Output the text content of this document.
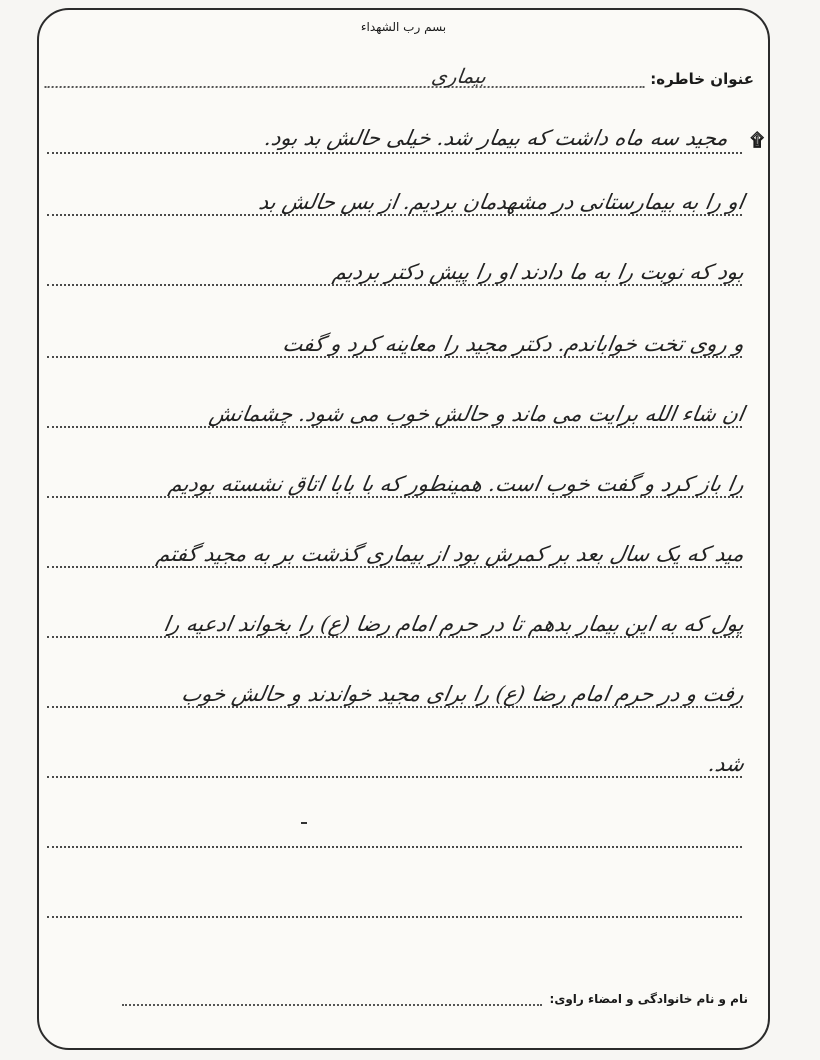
بسم رب الشهداء
عنوان خاطره:
بیماری
۩
مجید سه ماه داشت که بیمار شد. خیلی حالش بد بود.
او را به بیمارستانی در مشهدمان بردیم. از بس حالش بد
بود که نوبت را به ما دادند او را پیش دکتر بردیم
و روی تخت خواباندم. دکتر مجید را معاینه کرد و گفت
ان شاء الله برایت می ماند و حالش خوب می شود. چشمانش
را باز کرد و گفت خوب است. همینطور که با بابا اتاق نشسته بودیم
مید که یک سال بعد بر کمرش بود از بیماری گذشت بر به مجید گفتم
پول که به این بیمار بدهم تا در حرم امام رضا (ع) را بخواند ادعیه را
رفت و در حرم امام رضا (ع) را برای مجید خواندند و حالش خوب
شد.
نام و نام خانوادگی و امضاء راوی:
